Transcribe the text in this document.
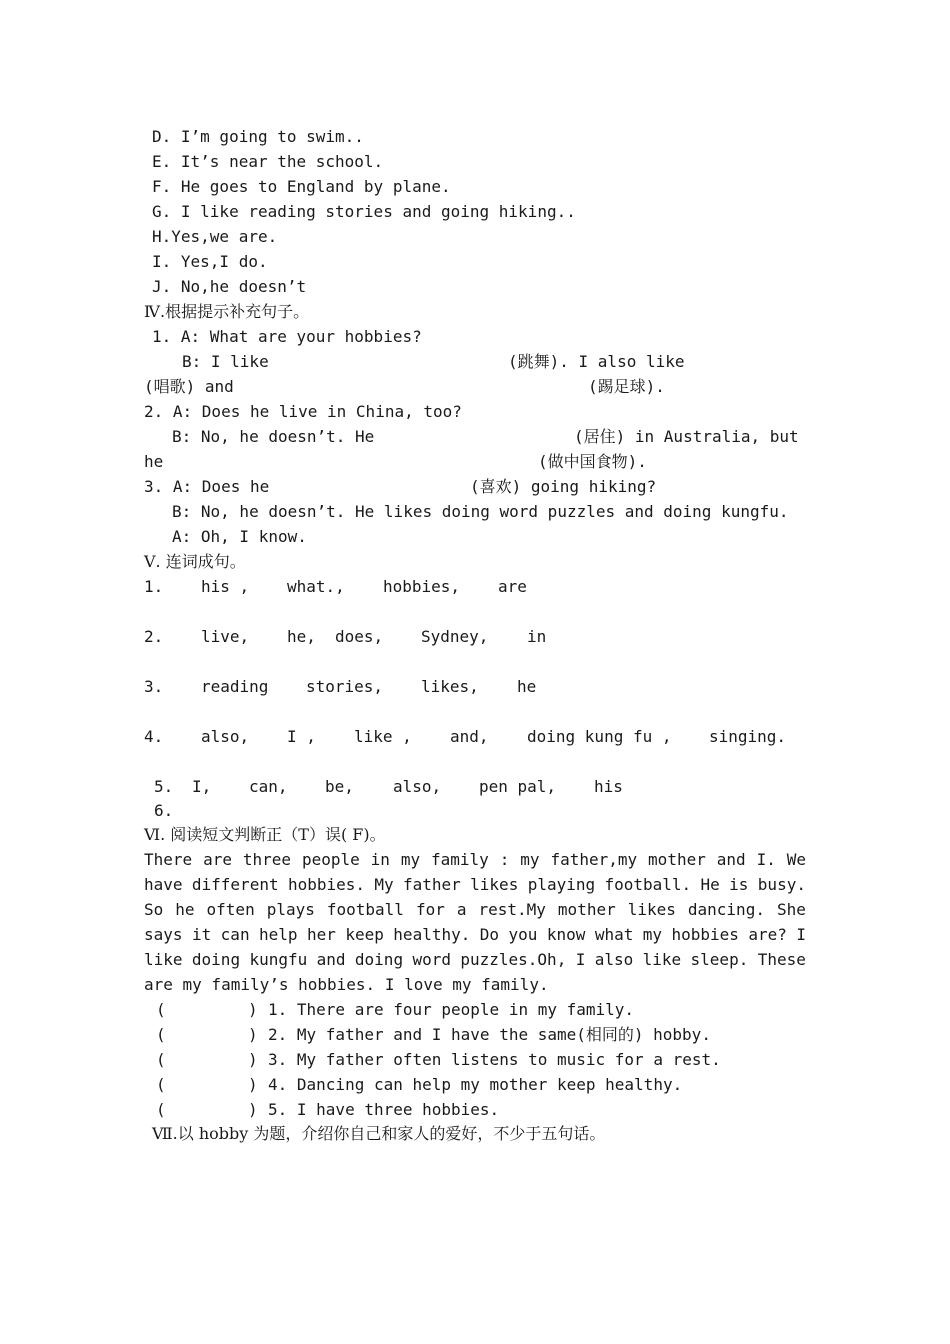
D. I’m going to swim..
E. It’s near the school.
F. He goes to England by plane.
G. I like reading stories and going hiking..
H.Yes,we are.
I. Yes,I do.
J. No,he doesn’t
Ⅳ.根据提示补充句子。
1. A: What are your hobbies?
B: I like	(跳舞). I also like
(唱歌) and	(踢足球).
2. A: Does he live in China, too?
B: No, he doesn’t. He	(居住) in Australia, but
he	(做中国食物).
3. A: Does he	(喜欢) going hiking?
B: No, he doesn’t. He likes doing word puzzles and doing kungfu.
A: Oh, I know.
Ⅴ. 连词成句。
1. his , what., hobbies, are
2. live, he, does, Sydney, in
3. reading stories, likes, he
4. also, I , like , and, doing kung fu , singing.
5. I, can, be, also, pen pal, his
6.
Ⅵ. 阅读短文判断正（T）误( F)。
There are three people in my family : my father,my mother and I. We
have different hobbies. My father likes playing football. He is busy.
So he often plays football for a rest.My mother likes dancing. She
says it can help her keep healthy. Do you know what my hobbies are? I
like doing kungfu and doing word puzzles.Oh, I also like sleep. These
are my family’s hobbies. I love my family.
(	) 1. There are four people in my family.
(	) 2. My father and I have the same(相同的) hobby.
(	) 3. My father often listens to music for a rest.
(	) 4. Dancing can help my mother keep healthy.
(	) 5. I have three hobbies.
Ⅶ.以 hobby 为题，介绍你自己和家人的爱好，不少于五句话。
